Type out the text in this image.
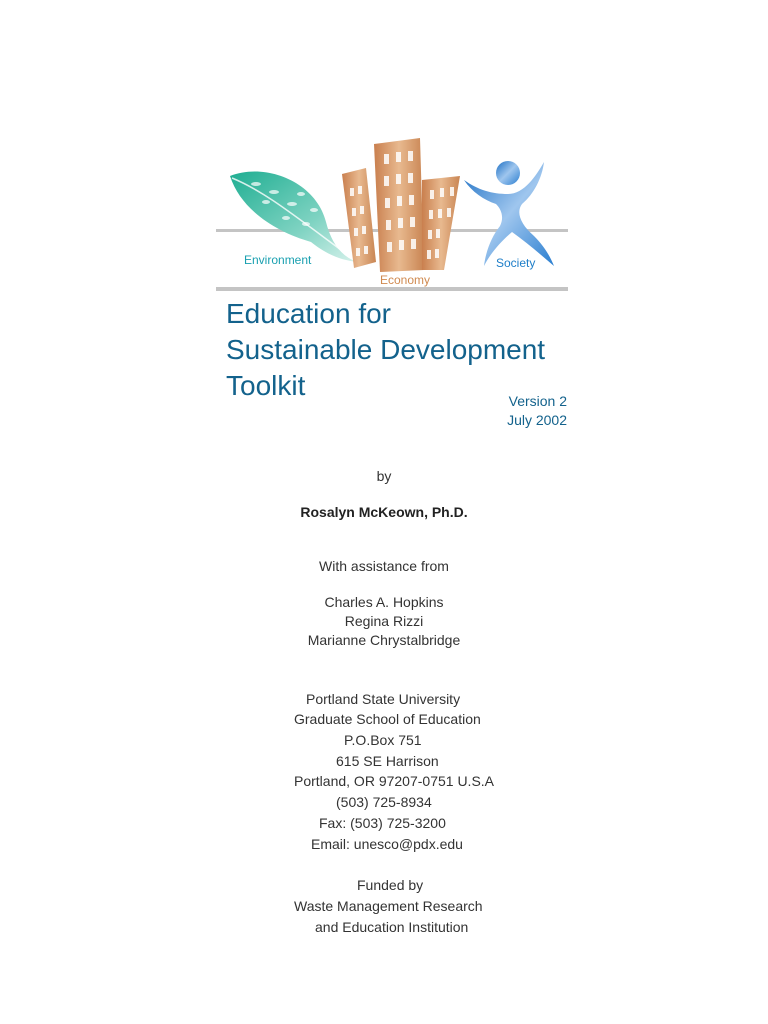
Environment
Economy
Society
Education for
Sustainable Development
Toolkit	Version 2
July 2002
by
Rosalyn McKeown, Ph.D.
With assistance from
Charles A. Hopkins
Regina Rizzi
Marianne Chrystalbridge
Portland State University
Graduate School of Education
P.O.Box 751
615 SE Harrison
Portland, OR 97207-0751 U.S.A
(503) 725-8934
Fax: (503) 725-3200
Email: unesco@pdx.edu
Funded by
Waste Management Research
and Education Institution
